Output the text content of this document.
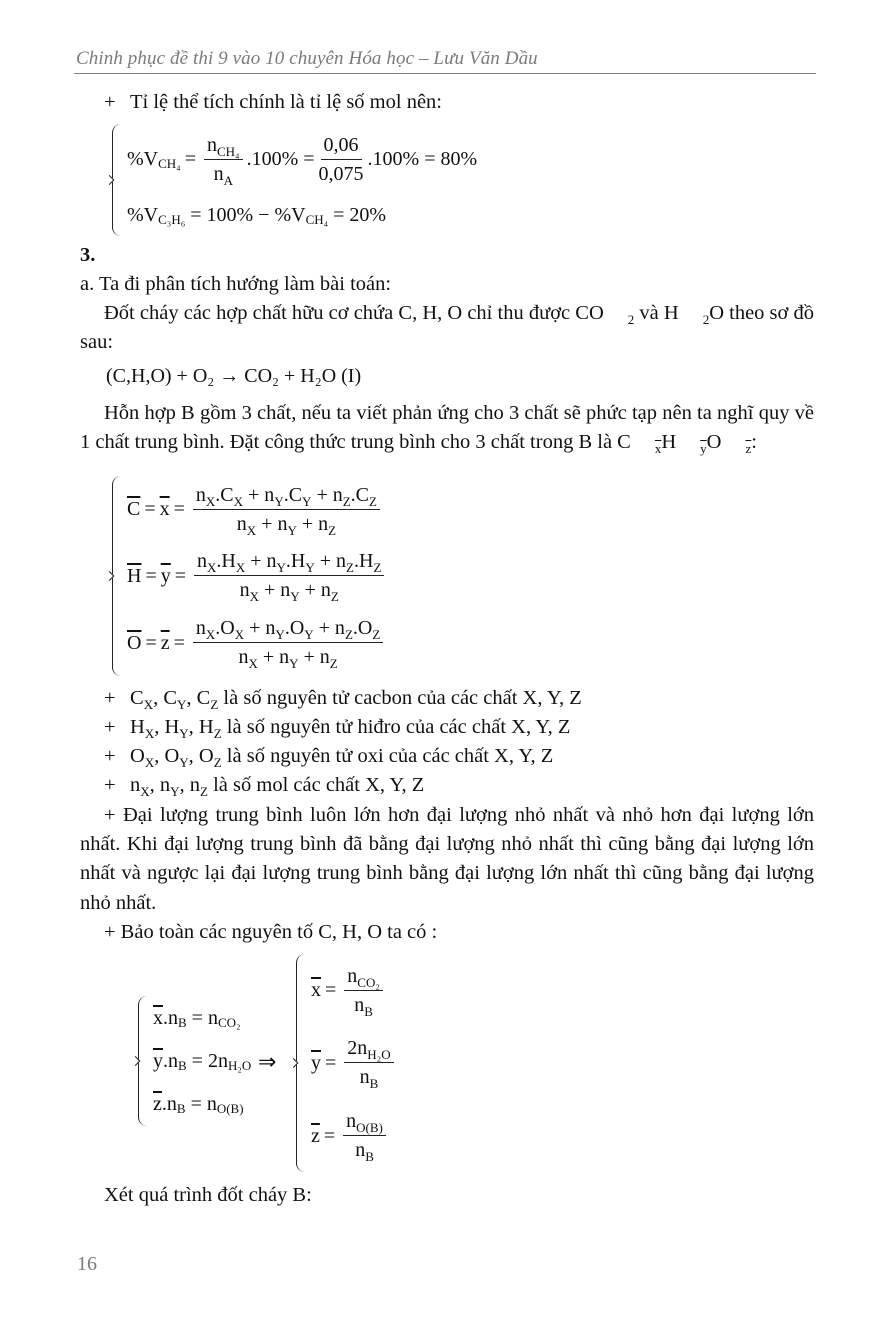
Chinh phục đề thi 9 vào 10 chuyên Hóa học – Lưu Văn Dầu
+ Tỉ lệ thể tích chính là tỉ lệ số mol nên:
$\%V_{CH_4} = \frac{n_{CH_4}}{n_A} .100\% = \frac{0,06}{0,075} .100\% = 80\%$
$\%V_{C_3H_6} = 100\% - \%V_{CH_4} = 20\%$
3.
a. Ta đi phân tích hướng làm bài toán:
Đốt cháy các hợp chất hữu cơ chứa C, H, O chỉ thu được CO $_2$ và H $_2$O theo sơ đồ sau:
(C,H,O) + O₂ → CO₂ + H₂O (I)
Hỗn hợp B gồm 3 chất, nếu ta viết phản ứng cho 3 chất sẽ phức tạp nên ta nghĩ quy về 1 chất trung bình. Đặt công thức trung bình cho 3 chất trong B là C $_{\overline{x}}$H $_{\overline{y}}$O $_{\overline{z}}$:
$\overline{C} = \overline{x} = \frac{n_X.C_X + n_Y.C_Y + n_Z.C_Z}{n_X + n_Y + n_Z}$
$\overline{H} = \overline{y} = \frac{n_X.H_X + n_Y.H_Y + n_Z.H_Z}{n_X + n_Y + n_Z}$
$\overline{O} = \overline{z} = \frac{n_X.O_X + n_Y.O_Y + n_Z.O_Z}{n_X + n_Y + n_Z}$
+ $C_X$, $C_Y$, $C_Z$ là số nguyên tử cacbon của các chất X, Y, Z
+ $H_X$, $H_Y$, $H_Z$ là số nguyên tử hiđro của các chất X, Y, Z
+ $O_X$, $O_Y$, $O_Z$ là số nguyên tử oxi của các chất X, Y, Z
+ $n_X$, $n_Y$, $n_Z$ là số mol các chất X, Y, Z
+ Đại lượng trung bình luôn lớn hơn đại lượng nhỏ nhất và nhỏ hơn đại lượng lớn nhất. Khi đại lượng trung bình đã bằng đại lượng nhỏ nhất thì cũng bằng đại lượng lớn nhất và ngược lại đại lượng trung bình bằng đại lượng lớn nhất thì cũng bằng đại lượng nhỏ nhất.
+ Bảo toàn các nguyên tố C, H, O ta có :
$\overline{x}$ $.n_B = n_{CO_2}$
$\overline{y}$ $.n_B = 2n_{H_2O}$
$\overline{z}$ $.n_B = n_{O(B)}$
⇒
$\overline{x} = \frac{n_{CO_2}}{n_B}$
$\overline{y} = \frac{2n_{H_2O}}{n_B}$
$\overline{z} = \frac{n_{O(B)}}{n_B}$
Xét quá trình đốt cháy B:
16
